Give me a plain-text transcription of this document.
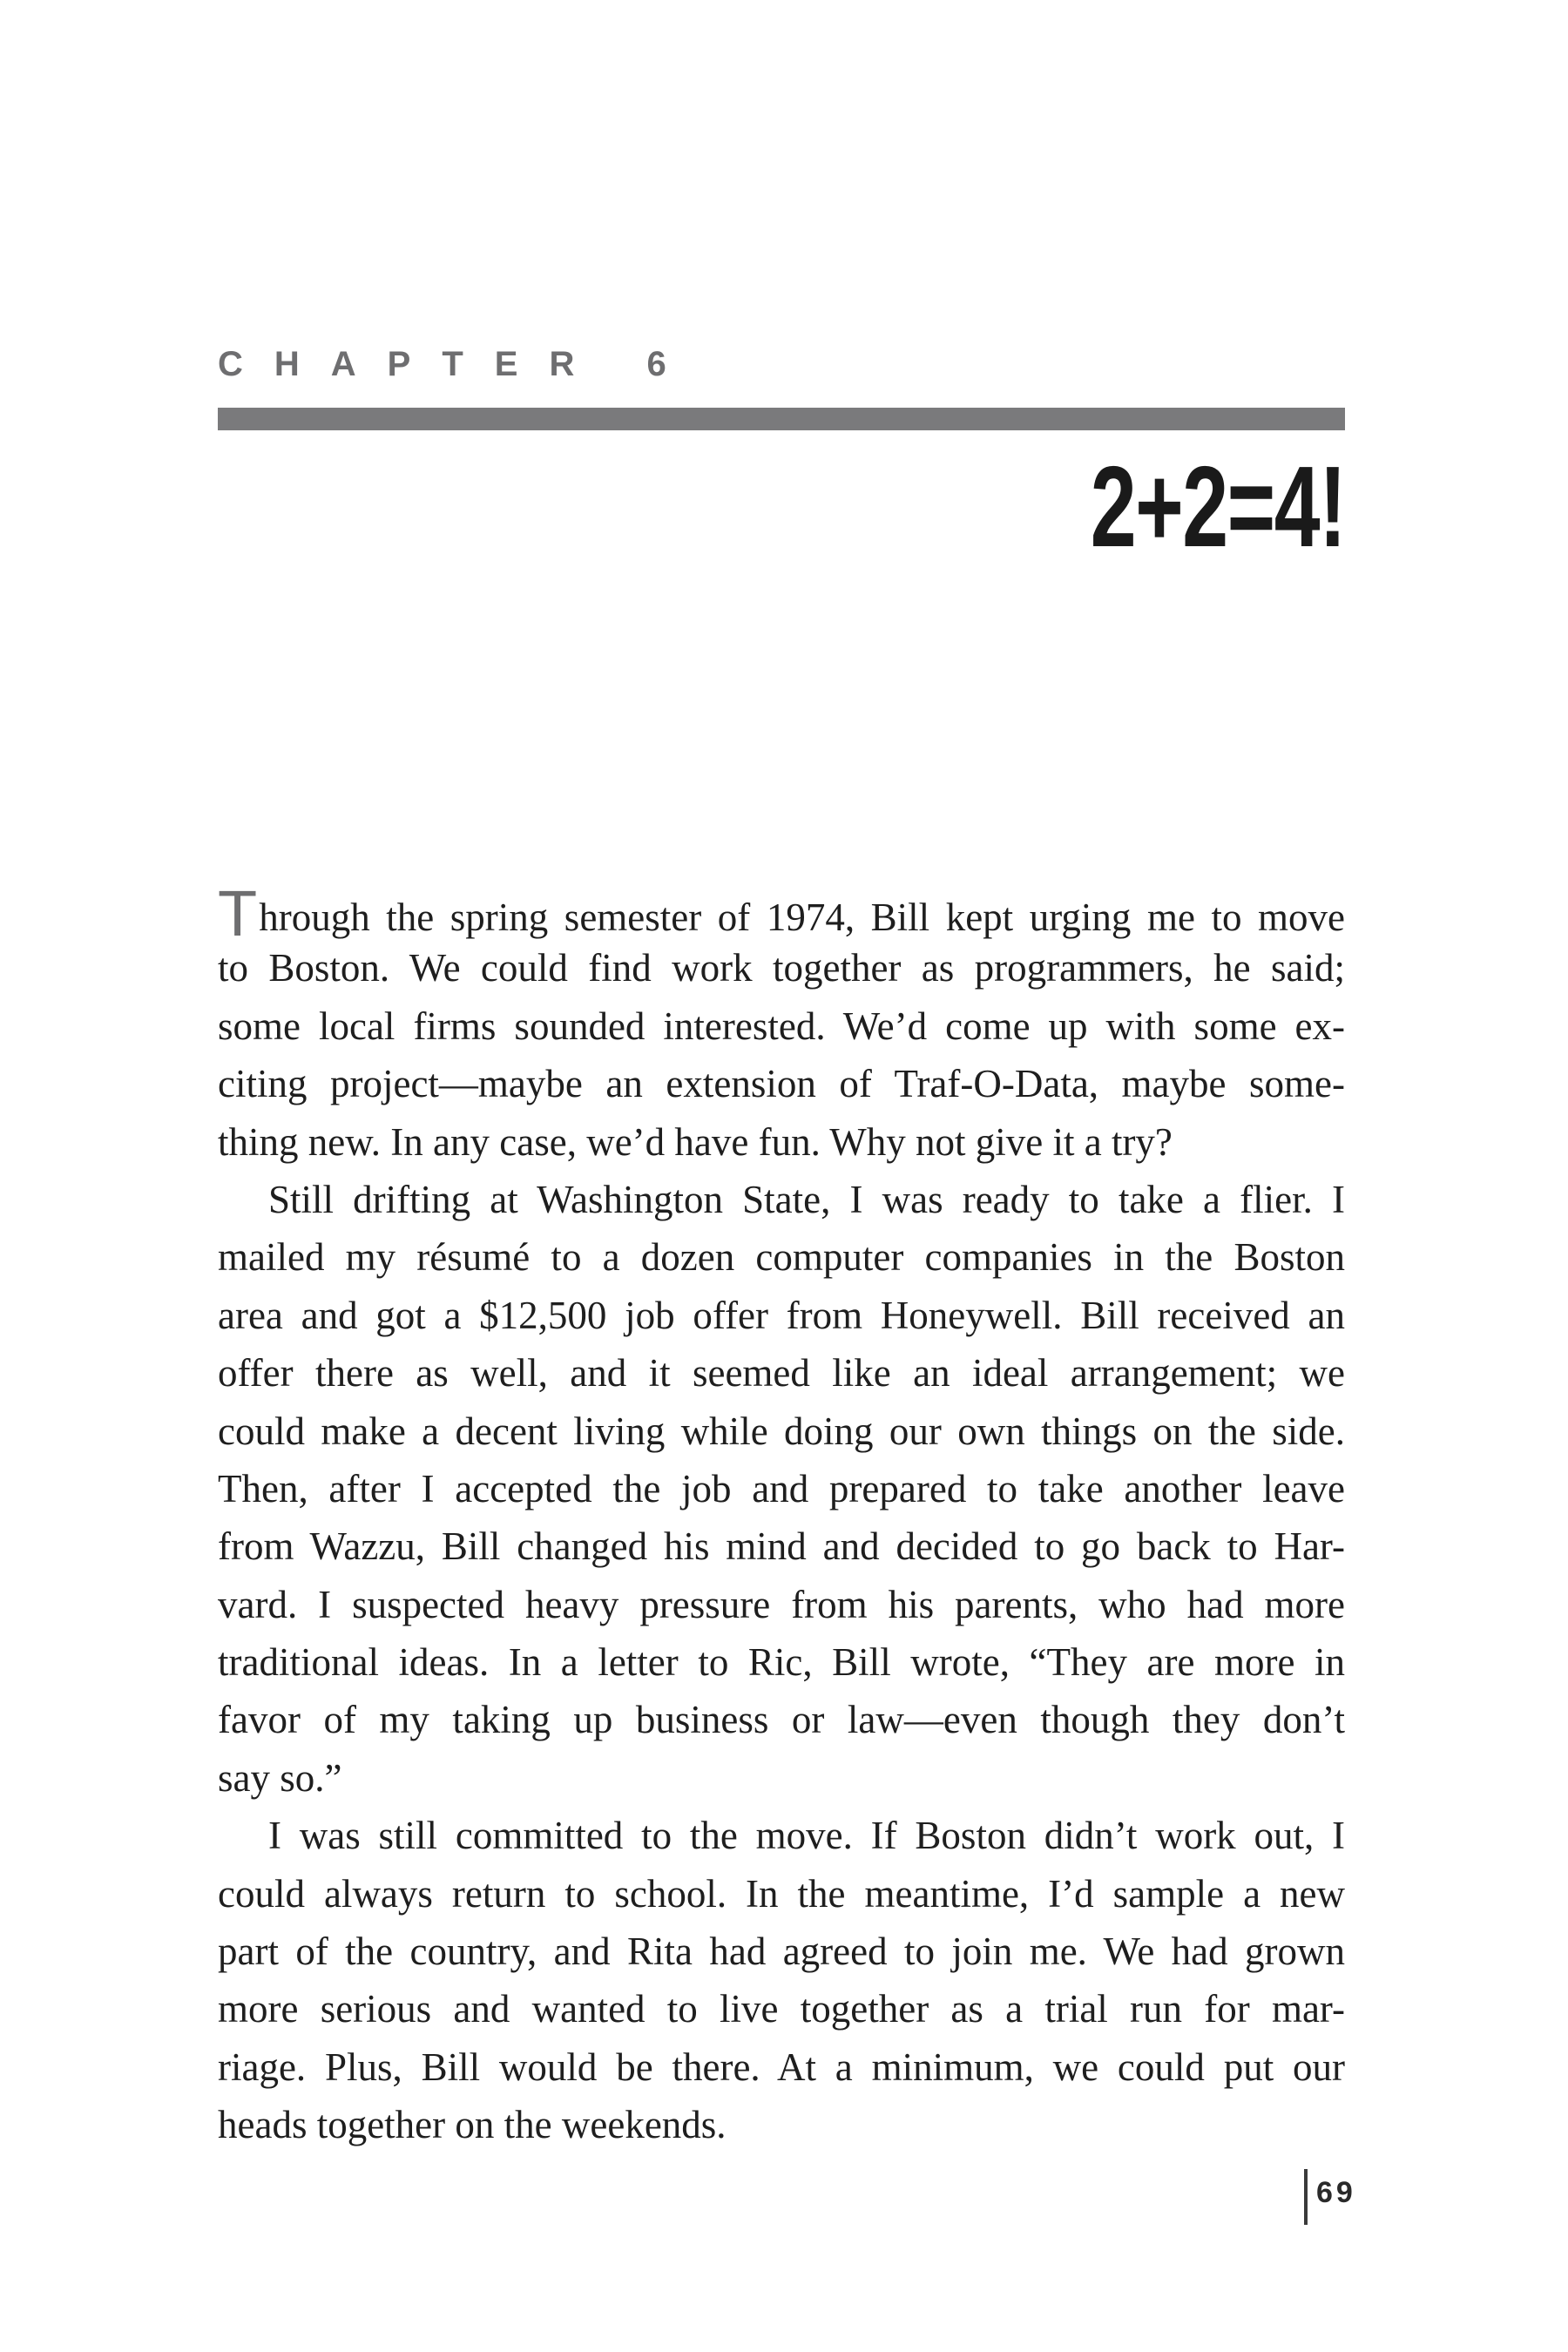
CHAPTER 6
2+2=4!
Through the spring semester of 1974, Bill kept urging me to move
to Boston. We could find work together as programmers, he said;
some local firms sounded interested. We’d come up with some ex-
citing project—maybe an extension of Traf-O-Data, maybe some-
thing new. In any case, we’d have fun. Why not give it a try?
Still drifting at Washington State, I was ready to take a flier. I
mailed my résumé to a dozen computer companies in the Boston
area and got a $12,500 job offer from Honeywell. Bill received an
offer there as well, and it seemed like an ideal arrangement; we
could make a decent living while doing our own things on the side.
Then, after I accepted the job and prepared to take another leave
from Wazzu, Bill changed his mind and decided to go back to Har-
vard. I suspected heavy pressure from his parents, who had more
traditional ideas. In a letter to Ric, Bill wrote, “They are more in
favor of my taking up business or law—even though they don’t
say so.”
I was still committed to the move. If Boston didn’t work out, I
could always return to school. In the meantime, I’d sample a new
part of the country, and Rita had agreed to join me. We had grown
more serious and wanted to live together as a trial run for mar-
riage. Plus, Bill would be there. At a minimum, we could put our
heads together on the weekends.
69
